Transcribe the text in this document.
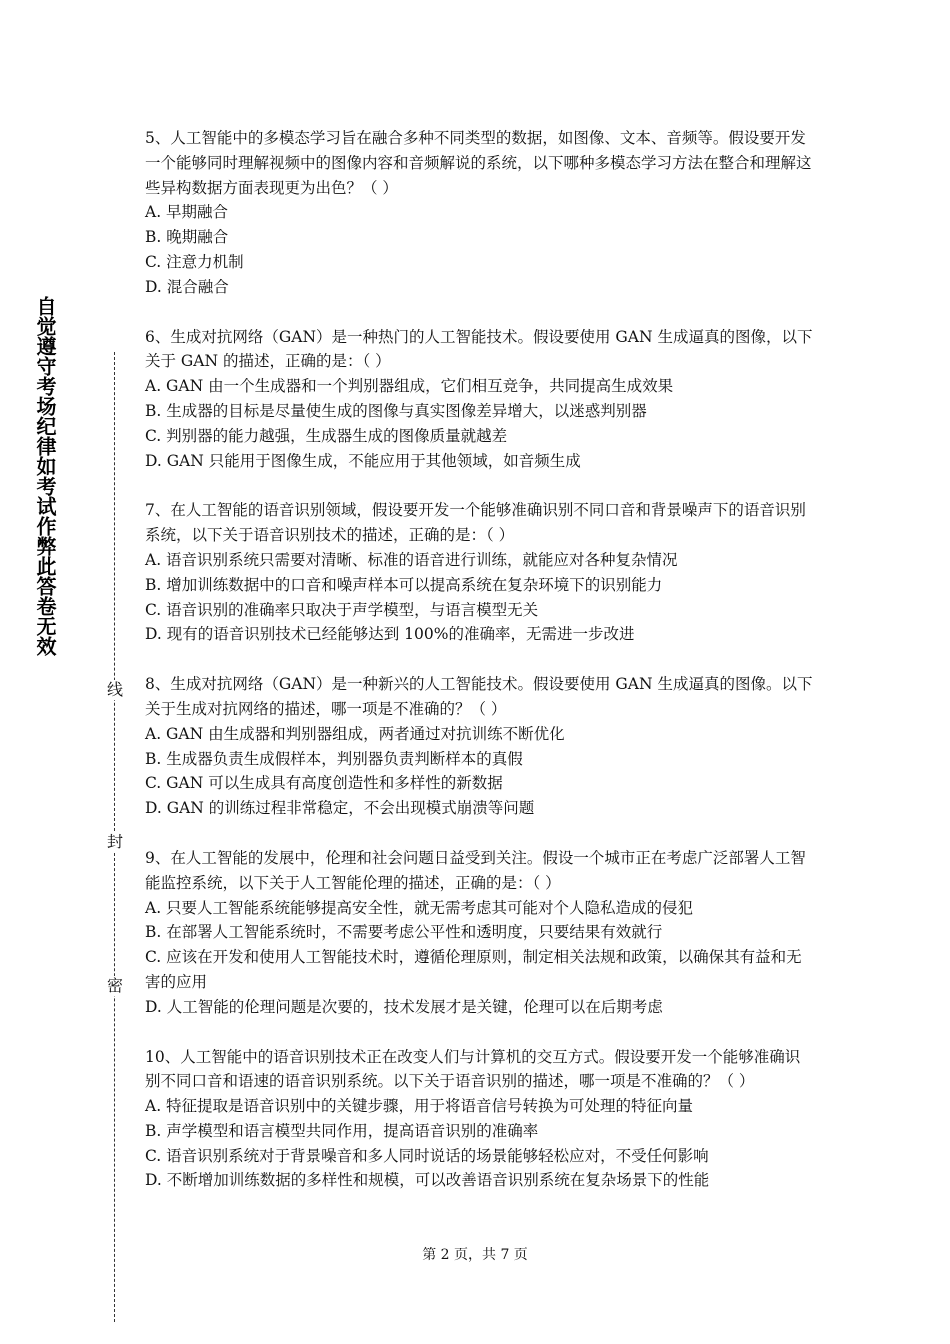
自觉遵守考场纪律如考试作弊此答卷无效
线
封
密

5、人工智能中的多模态学习旨在融合多种不同类型的数据，如图像、文本、音频等。假设要开发一个能够同时理解视频中的图像内容和音频解说的系统，以下哪种多模态学习方法在整合和理解这些异构数据方面表现更为出色？（ ）

A. 早期融合

B. 晚期融合

C. 注意力机制

D. 混合融合

6、生成对抗网络（GAN）是一种热门的人工智能技术。假设要使用 GAN 生成逼真的图像，以下关于 GAN 的描述，正确的是：（ ）

A. GAN 由一个生成器和一个判别器组成，它们相互竞争，共同提高生成效果

B. 生成器的目标是尽量使生成的图像与真实图像差异增大，以迷惑判别器

C. 判别器的能力越强，生成器生成的图像质量就越差

D. GAN 只能用于图像生成，不能应用于其他领域，如音频生成

7、在人工智能的语音识别领域，假设要开发一个能够准确识别不同口音和背景噪声下的语音识别系统，以下关于语音识别技术的描述，正确的是：（ ）

A. 语音识别系统只需要对清晰、标准的语音进行训练，就能应对各种复杂情况

B. 增加训练数据中的口音和噪声样本可以提高系统在复杂环境下的识别能力

C. 语音识别的准确率只取决于声学模型，与语言模型无关

D. 现有的语音识别技术已经能够达到 100%的准确率，无需进一步改进

8、生成对抗网络（GAN）是一种新兴的人工智能技术。假设要使用 GAN 生成逼真的图像。以下关于生成对抗网络的描述，哪一项是不准确的？（ ）

A. GAN 由生成器和判别器组成，两者通过对抗训练不断优化

B. 生成器负责生成假样本，判别器负责判断样本的真假

C. GAN 可以生成具有高度创造性和多样性的新数据

D. GAN 的训练过程非常稳定，不会出现模式崩溃等问题

9、在人工智能的发展中，伦理和社会问题日益受到关注。假设一个城市正在考虑广泛部署人工智能监控系统，以下关于人工智能伦理的描述，正确的是：（ ）

A. 只要人工智能系统能够提高安全性，就无需考虑其可能对个人隐私造成的侵犯

B. 在部署人工智能系统时，不需要考虑公平性和透明度，只要结果有效就行

C. 应该在开发和使用人工智能技术时，遵循伦理原则，制定相关法规和政策，以确保其有益和无害的应用

D. 人工智能的伦理问题是次要的，技术发展才是关键，伦理可以在后期考虑

10、人工智能中的语音识别技术正在改变人们与计算机的交互方式。假设要开发一个能够准确识别不同口音和语速的语音识别系统。以下关于语音识别的描述，哪一项是不准确的？（ ）

A. 特征提取是语音识别中的关键步骤，用于将语音信号转换为可处理的特征向量

B. 声学模型和语言模型共同作用，提高语音识别的准确率

C. 语音识别系统对于背景噪音和多人同时说话的场景能够轻松应对，不受任何影响

D. 不断增加训练数据的多样性和规模，可以改善语音识别系统在复杂场景下的性能

第 2 页，共 7 页
